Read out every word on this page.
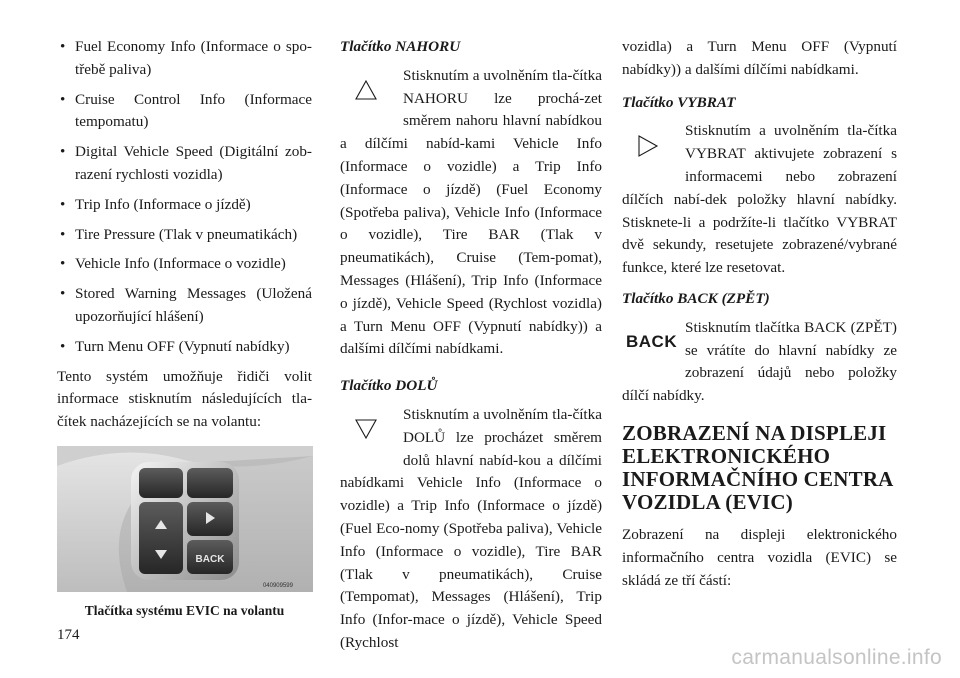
• Fuel Economy Info (Informace o spo-třebě paliva)
• Cruise Control Info (Informace tempomatu)
• Digital Vehicle Speed (Digitální zob-razení rychlosti vozidla)
• Trip Info (Informace o jízdě)
• Tire Pressure (Tlak v pneumatikách)
• Vehicle Info (Informace o vozidle)
• Stored Warning Messages (Uložená upozorňující hlášení)
• Turn Menu OFF (Vypnutí nabídky)

Tento systém umožňuje řidiči volit informace stisknutím následujících tla-čítek nacházejících se na volantu:

BACK
040909599
Tlačítka systému EVIC na volantu
Tlačítko NAHORU

Stisknutím a uvolněním tla-čítka NAHORU lze prochá-zet směrem nahoru hlavní nabídkou a dílčími nabíd-kami Vehicle Info (Informace o vozidle) a Trip Info (Informace o jízdě) (Fuel Economy (Spotřeba paliva), Vehicle Info (Informace o vozidle), Tire BAR (Tlak v pneumatikách), Cruise (Tem-pomat), Messages (Hlášení), Trip Info (Informace o jízdě), Vehicle Speed (Rychlost vozidla) a Turn Menu OFF (Vypnutí nabídky)) a dalšími dílčími nabídkami.

Tlačítko DOLŮ

Stisknutím a uvolněním tla-čítka DOLŮ lze procházet směrem dolů hlavní nabíd-kou a dílčími nabídkami Vehicle Info (Informace o vozidle) a Trip Info (Informace o jízdě) (Fuel Eco-nomy (Spotřeba paliva), Vehicle Info (Informace o vozidle), Tire BAR (Tlak v pneumatikách), Cruise (Tempomat), Messages (Hlášení), Trip Info (Infor-mace o jízdě), Vehicle Speed (Rychlost

vozidla) a Turn Menu OFF (Vypnutí nabídky)) a dalšími dílčími nabídkami.

Tlačítko VYBRAT

Stisknutím a uvolněním tla-čítka VYBRAT aktivujete zobrazení s informacemi nebo zobrazení dílčích nabí-dek položky hlavní nabídky. Stisknete-li a podržíte-li tlačítko VYBRAT dvě sekundy, resetujete zobrazené/vybrané funkce, které lze resetovat.

Tlačítko BACK (ZPĚT)
BACK

Stisknutím tlačítka BACK (ZPĚT) se vrátíte do hlavní nabídky ze zobrazení údajů nebo položky dílčí nabídky.

ZOBRAZENÍ NA DISPLEJI ELEKTRONICKÉHO INFORMAČNÍHO CENTRA VOZIDLA (EVIC)

Zobrazení na displeji elektronického informačního centra vozidla (EVIC) se skládá ze tří částí:

174
carmanualsonline.info
